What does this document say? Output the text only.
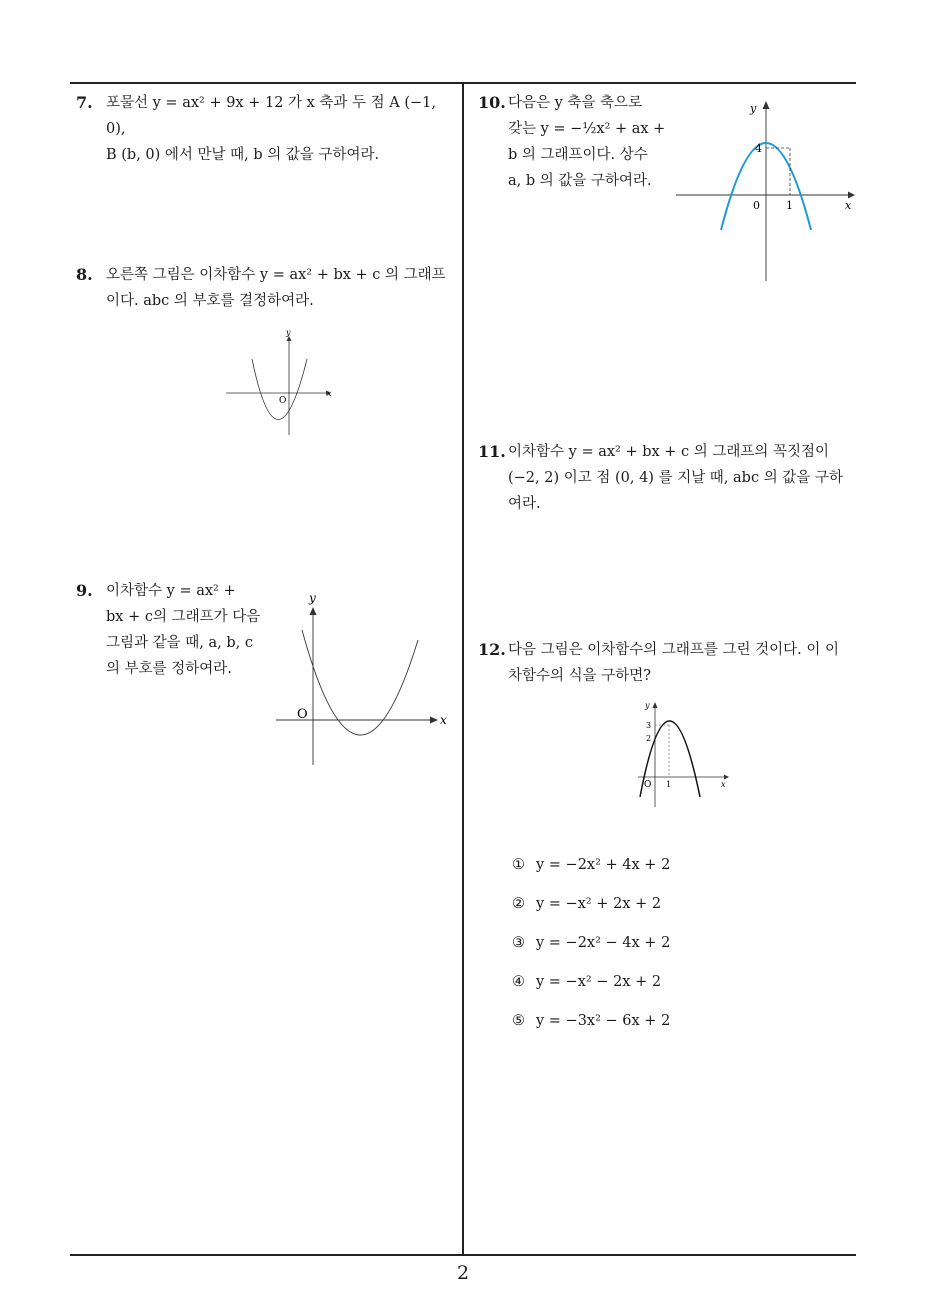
7. 포물선 y = ax² + 9x + 12 가 x 축과 두 점 A (−1, 0),
B (b, 0) 에서 만날 때, b 의 값을 구하여라.
8. 오른쪽 그림은 이차함수 y = ax² + bx + c 의 그래프
이다. abc 의 부호를 결정하여라.
y
x
O
9. 이차함수 y = ax² +
bx + c의 그래프가 다음
그림과 같을 때, a, b, c
의 부호를 정하여라.
y
x
O
10. 다음은 y 축을 축으로
갖는 y = −½x² + ax +
b 의 그래프이다. 상수
a, b 의 값을 구하여라.
y
x
0 1
4
11. 이차함수 y = ax² + bx + c 의 그래프의 꼭짓점이
(−2, 2) 이고 점 (0, 4) 를 지날 때, abc 의 값을 구하
여라.
12. 다음 그림은 이차함수의 그래프를 그린 것이다. 이 이
차함수의 식을 구하면?
y
x
O 1
3
2
① y = −2x² + 4x + 2
② y = −x² + 2x + 2
③ y = −2x² − 4x + 2
④ y = −x² − 2x + 2
⑤ y = −3x² − 6x + 2
2
